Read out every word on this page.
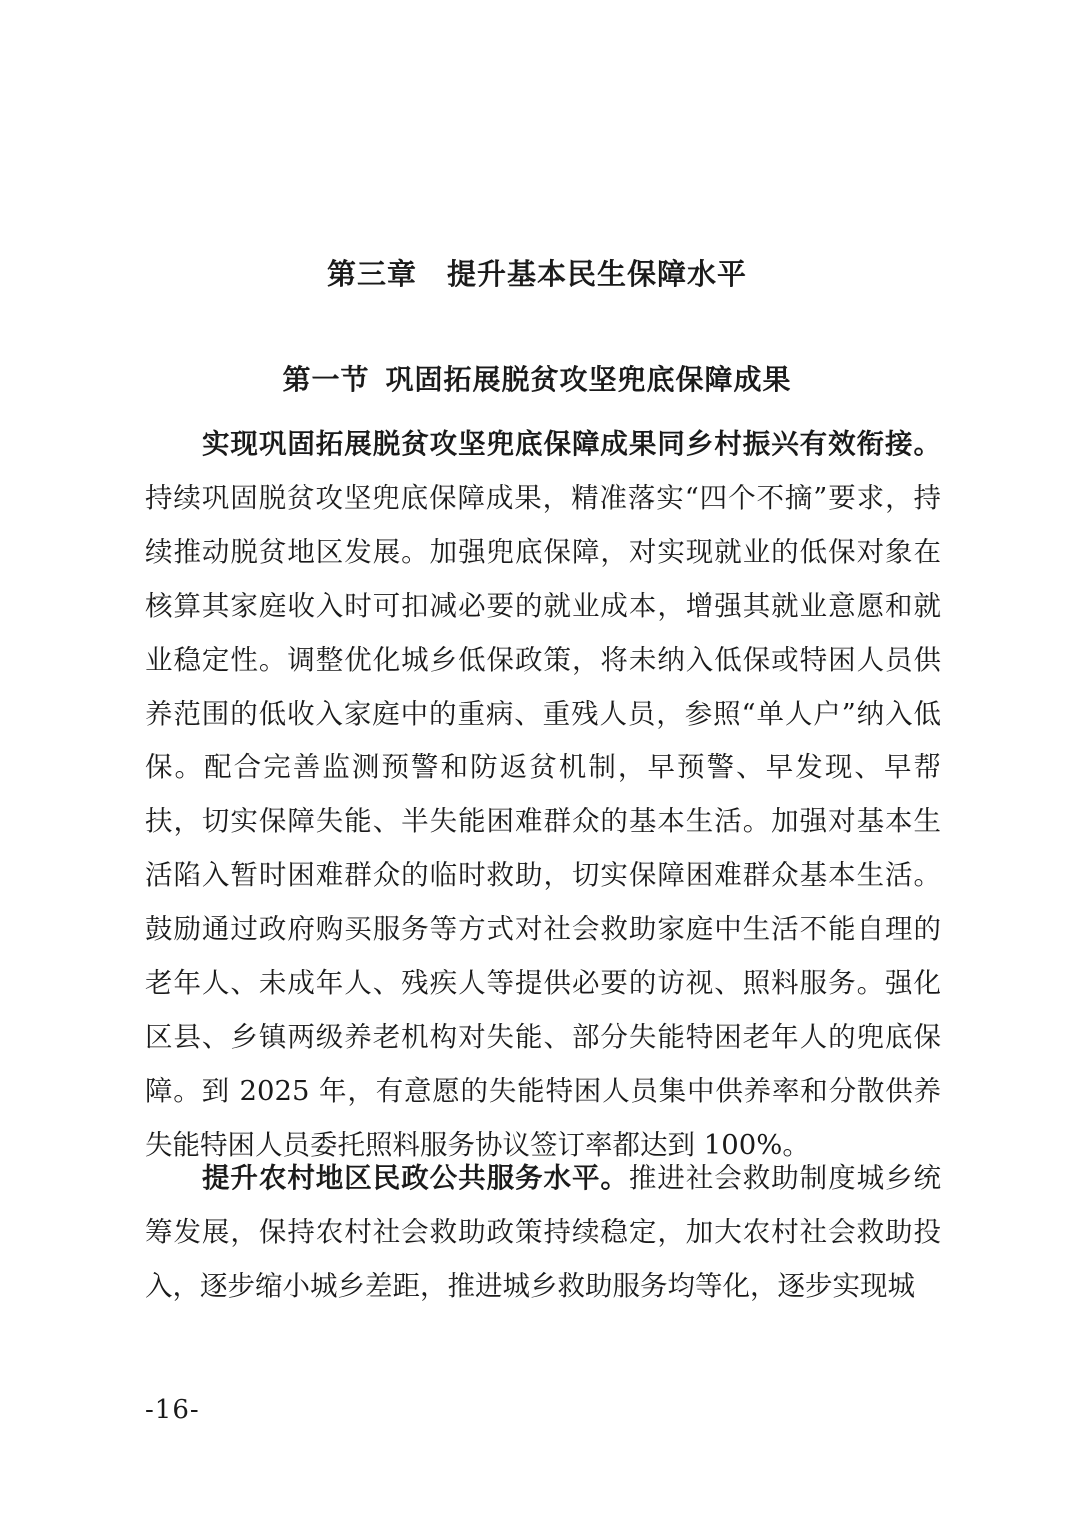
第三章 提升基本民生保障水平
第一节 巩固拓展脱贫攻坚兜底保障成果

实现巩固拓展脱贫攻坚兜底保障成果同乡村振兴有效衔接。持续巩固脱贫攻坚兜底保障成果，精准落实“四个不摘”要求，持续推动脱贫地区发展。加强兜底保障，对实现就业的低保对象在核算其家庭收入时可扣减必要的就业成本，增强其就业意愿和就业稳定性。调整优化城乡低保政策，将未纳入低保或特困人员供养范围的低收入家庭中的重病、重残人员，参照“单人户”纳入低保。配合完善监测预警和防返贫机制，早预警、早发现、早帮扶，切实保障失能、半失能困难群众的基本生活。加强对基本生活陷入暂时困难群众的临时救助，切实保障困难群众基本生活。鼓励通过政府购买服务等方式对社会救助家庭中生活不能自理的老年人、未成年人、残疾人等提供必要的访视、照料服务。强化区县、乡镇两级养老机构对失能、部分失能特困老年人的兜底保障。到 2025 年，有意愿的失能特困人员集中供养率和分散供养失能特困人员委托照料服务协议签订率都达到 100%。

提升农村地区民政公共服务水平。推进社会救助制度城乡统筹发展，保持农村社会救助政策持续稳定，加大农村社会救助投入，逐步缩小城乡差距，推进城乡救助服务均等化，逐步实现城

-16-
